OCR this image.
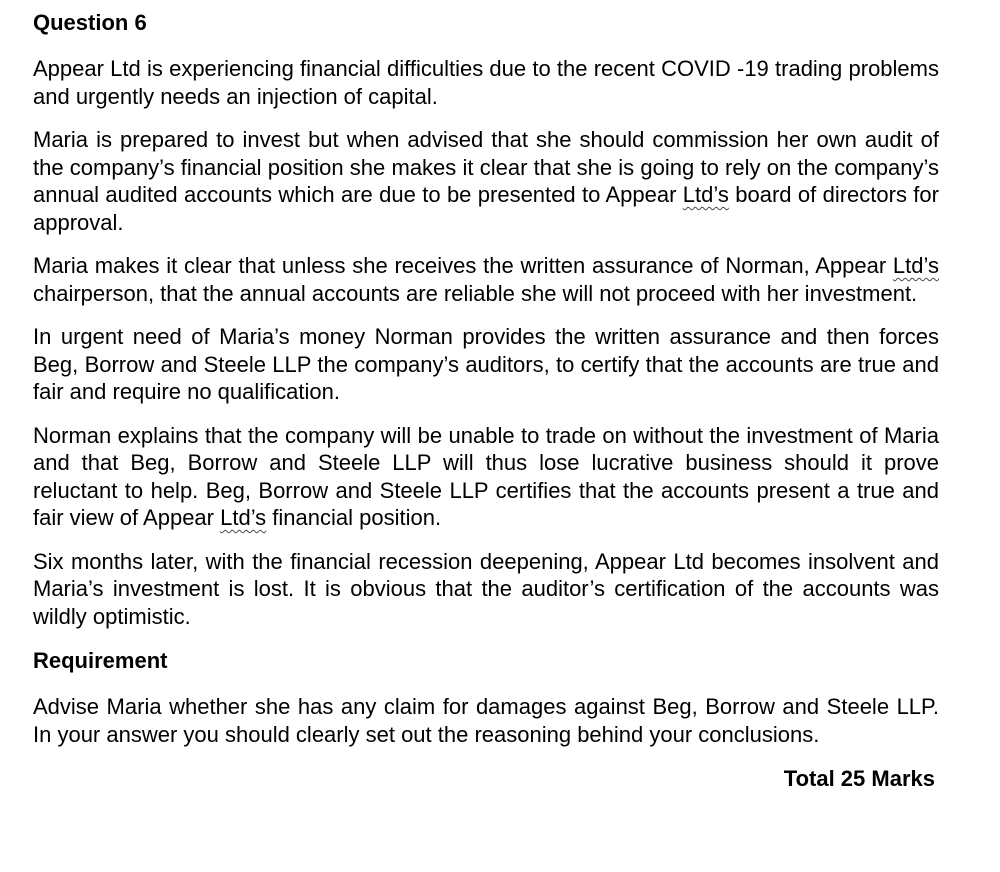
Question 6

Appear Ltd is experiencing financial difficulties due to the recent COVID -19 trading problems and urgently needs an injection of capital.

Maria is prepared to invest but when advised that she should commission her own audit of the company’s financial position she makes it clear that she is going to rely on the company’s annual audited accounts which are due to be presented to Appear Ltd’s board of directors for approval.

Maria makes it clear that unless she receives the written assurance of Norman, Appear Ltd’s chairperson, that the annual accounts are reliable she will not proceed with her investment.

In urgent need of Maria’s money Norman provides the written assurance and then forces Beg, Borrow and Steele LLP the company’s auditors, to certify that the accounts are true and fair and require no qualification.

Norman explains that the company will be unable to trade on without the investment of Maria and that Beg, Borrow and Steele LLP will thus lose lucrative business should it prove reluctant to help. Beg, Borrow and Steele LLP certifies that the accounts present a true and fair view of Appear Ltd’s financial position.

Six months later, with the financial recession deepening, Appear Ltd becomes insolvent and Maria’s investment is lost. It is obvious that the auditor’s certification of the accounts was wildly optimistic.

Requirement

Advise Maria whether she has any claim for damages against Beg, Borrow and Steele LLP. In your answer you should clearly set out the reasoning behind your conclusions.

Total 25 Marks
